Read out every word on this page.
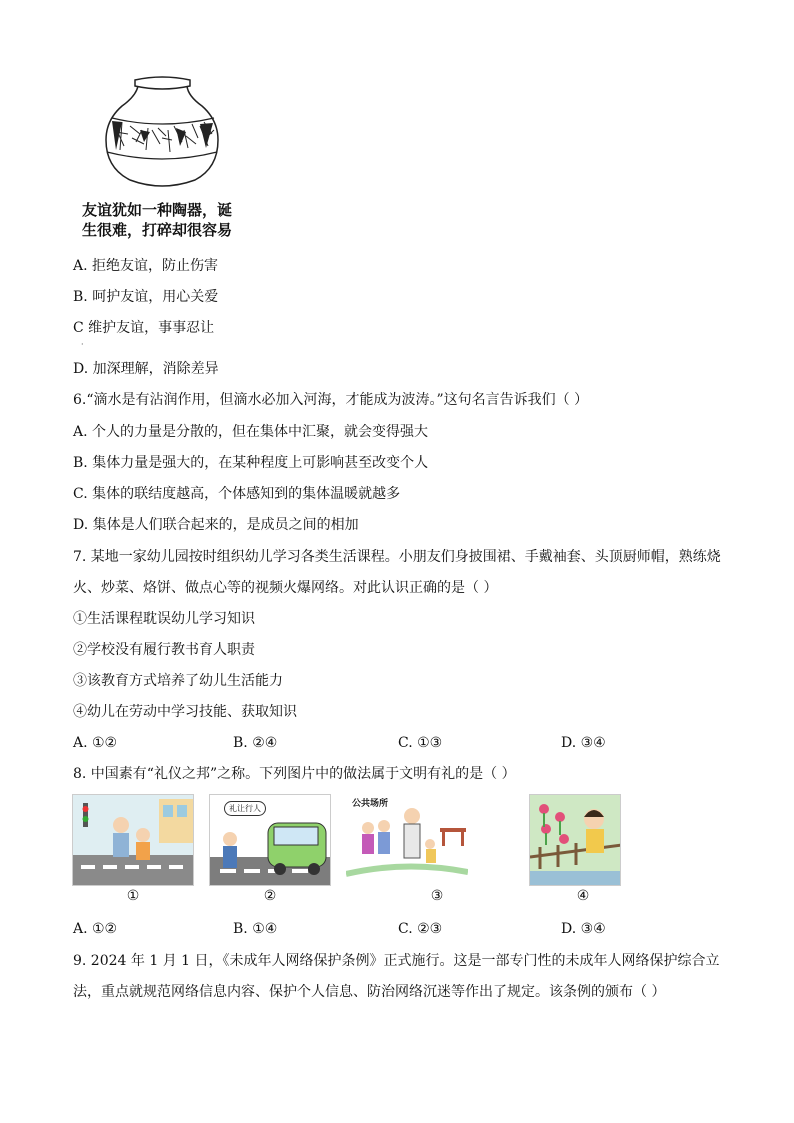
友谊犹如一种陶器，诞
生很难，打碎却很容易
A. 拒绝友谊，防止伤害
B. 呵护友谊，用心关爱
C 维护友谊，事事忍让
·
D. 加深理解，消除差异
6.“滴水是有沾润作用，但滴水必加入河海，才能成为波涛。”这句名言告诉我们（ ）
A. 个人的力量是分散的，但在集体中汇聚，就会变得强大
B. 集体力量是强大的，在某种程度上可影响甚至改变个人
C. 集体的联结度越高，个体感知到的集体温暖就越多
D. 集体是人们联合起来的，是成员之间的相加
7. 某地一家幼儿园按时组织幼儿学习各类生活课程。小朋友们身披围裙、手戴袖套、头顶厨师帽，熟练烧
火、炒菜、烙饼、做点心等的视频火爆网络。对此认识正确的是（ ）
①生活课程耽误幼儿学习知识
②学校没有履行教书育人职责
③该教育方式培养了幼儿生活能力
④幼儿在劳动中学习技能、获取知识
A. ①②	B. ②④	C. ①③	D. ③④
8. 中国素有“礼仪之邦”之称。下列图片中的做法属于文明有礼的是（ ）
①
礼让行人
②
公共场所
③	④
A. ①②	B. ①④	C. ②③	D. ③④
9. 2024 年 1 月 1 日，《未成年人网络保护条例》正式施行。这是一部专门性的未成年人网络保护综合立
法，重点就规范网络信息内容、保护个人信息、防治网络沉迷等作出了规定。该条例的颁布（ ）
